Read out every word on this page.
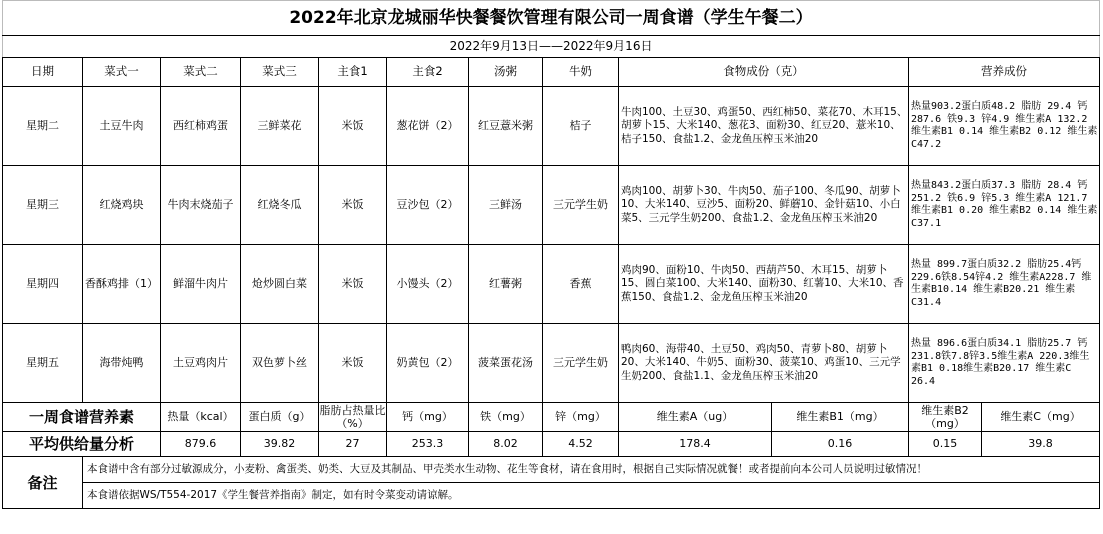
2022年北京龙城丽华快餐餐饮管理有限公司一周食谱（学生午餐二）											
2022年9月13日——2022年9月16日											
日期	菜式一	菜式二	菜式三	主食1	主食2	汤粥	牛奶	食物成份（克）		营养成份	
星期二	土豆牛肉	西红柿鸡蛋	三鲜菜花	米饭	葱花饼（2）	红豆薏米粥	桔子	牛肉100、土豆30、鸡蛋50、西红柿50、菜花70、木耳15、胡萝卜15、大米140、葱花3、面粉30、红豆20、薏米10、桔子150、食盐1.2、金龙鱼压榨玉米油20		热量903.2蛋白质48.2 脂肪 29.4 钙 287.6 铁9.3 锌4.9 维生素A 132.2 维生素B1 0.14 维生素B2 0.12 维生素C47.2	
星期三	红烧鸡块	牛肉末烧茄子	红烧冬瓜	米饭	豆沙包（2）	三鲜汤	三元学生奶	鸡肉100、胡萝卜30、牛肉50、茄子100、冬瓜90、胡萝卜10、大米140、豆沙5、面粉20、鲜蘑10、金针菇10、小白菜5、三元学生奶200、食盐1.2、金龙鱼压榨玉米油20		热量843.2蛋白质37.3 脂肪 28.4 钙 251.2 铁6.9 锌5.3 维生素A 121.7 维生素B1 0.20 维生素B2 0.14 维生素C37.1	
星期四	香酥鸡排（1）	鲜溜牛肉片	炝炒圆白菜	米饭	小馒头（2）	红薯粥	香蕉	鸡肉90、面粉10、牛肉50、西葫芦50、木耳15、胡萝卜15、圆白菜100、大米140、面粉30、红薯10、大米10、香蕉150、食盐1.2、金龙鱼压榨玉米油20		热量 899.7蛋白质32.2 脂肪25.4钙229.6铁8.54锌4.2 维生素A228.7 维生素B10.14 维生素B20.21 维生素C31.4	
星期五	海带炖鸭	土豆鸡肉片	双色萝卜丝	米饭	奶黄包（2）	菠菜蛋花汤	三元学生奶	鸭肉60、海带40、土豆50、鸡肉50、青萝卜80、胡萝卜20、大米140、牛奶5、面粉30、菠菜10、鸡蛋10、三元学生奶200、食盐1.1、金龙鱼压榨玉米油20		热量 896.6蛋白质34.1 脂肪25.7 钙231.8铁7.8锌3.5维生素A 220.3维生素B1 0.18维生素B20.17 维生素C 26.4	
一周食谱营养素		热量（kcal）	蛋白质（g）	脂肪占热量比（%）	钙（mg）	铁（mg）	锌（mg）	维生素A（ug）	维生素B1（mg）	维生素B2（mg）	维生素C（mg）
平均供给量分析		879.6	39.82	27	253.3	8.02	4.52	178.4	0.16	0.15	39.8
备注	本食谱中含有部分过敏源成分，小麦粉、禽蛋类、奶类、大豆及其制品、甲壳类水生动物、花生等食材，请在食用时，根据自己实际情况就餐！或者提前向本公司人员说明过敏情况！										
	本食谱依据WS/T554-2017《学生餐营养指南》制定，如有时令菜变动请谅解。										
